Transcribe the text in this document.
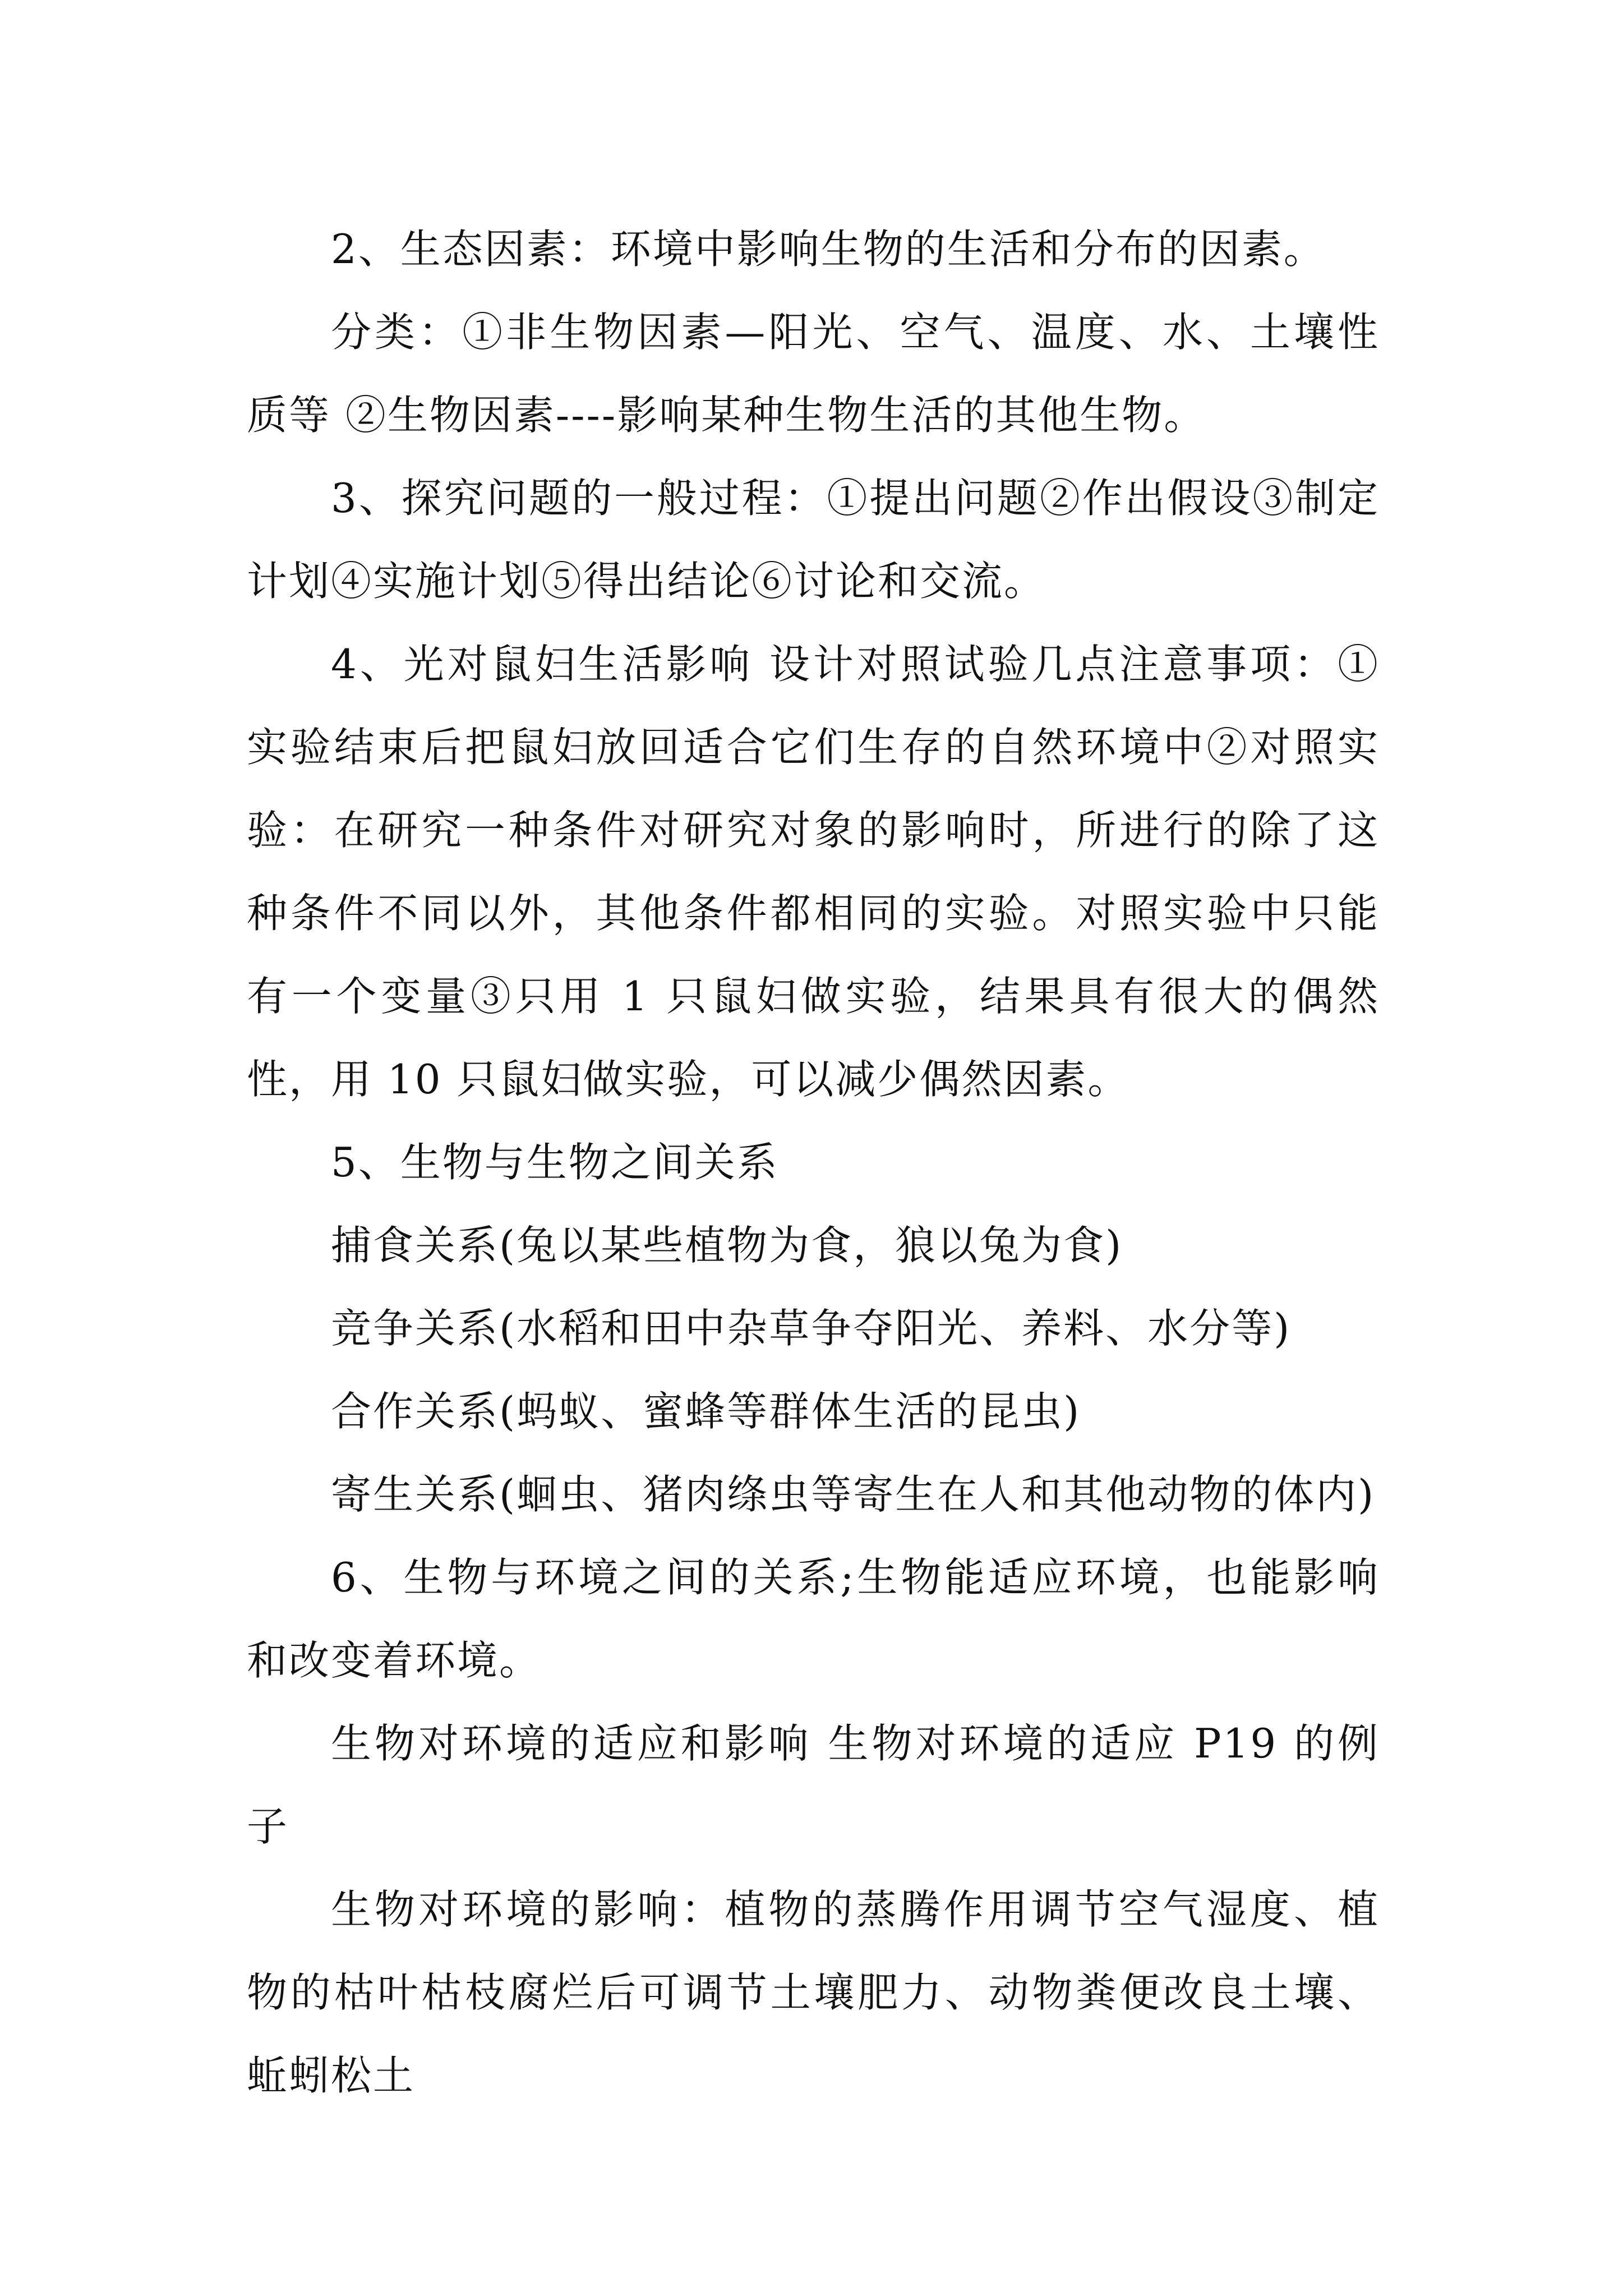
2、生态因素：环境中影响生物的生活和分布的因素。

分类：①非生物因素—阳光、空气、温度、水、土壤性质等 ②生物因素----影响某种生物生活的其他生物。

3、探究问题的一般过程：①提出问题②作出假设③制定计划④实施计划⑤得出结论⑥讨论和交流。

4、光对鼠妇生活影响 设计对照试验几点注意事项：①实验结束后把鼠妇放回适合它们生存的自然环境中②对照实验：在研究一种条件对研究对象的影响时，所进行的除了这种条件不同以外，其他条件都相同的实验。对照实验中只能有一个变量③只用 1 只鼠妇做实验，结果具有很大的偶然性，用 10 只鼠妇做实验，可以减少偶然因素。

5、生物与生物之间关系

捕食关系(兔以某些植物为食，狼以兔为食)

竞争关系(水稻和田中杂草争夺阳光、养料、水分等)

合作关系(蚂蚁、蜜蜂等群体生活的昆虫)

寄生关系(蛔虫、猪肉绦虫等寄生在人和其他动物的体内)

6、生物与环境之间的关系;生物能适应环境，也能影响和改变着环境。

生物对环境的适应和影响 生物对环境的适应 P19 的例子

生物对环境的影响：植物的蒸腾作用调节空气湿度、植物的枯叶枯枝腐烂后可调节土壤肥力、动物粪便改良土壤、蚯蚓松土
